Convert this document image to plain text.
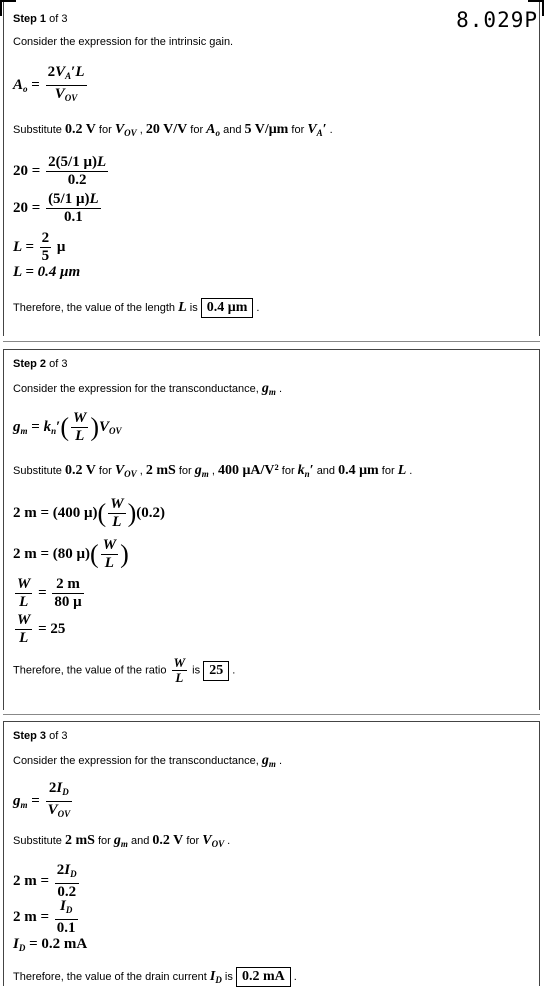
8.029P
Step 1 of 3
Consider the expression for the intrinsic gain.
$A_o = \frac{2V_A'L}{V_{OV}}$
Substitute 0.2 V for $V_{OV}$ , 20 V/V for $A_o$ and 5 V/μm for $V_A'$ .
$20 = \frac{2(5/1 \mu)L}{0.2}$
$20 = \frac{(5/1 \mu)L}{0.1}$
$L = \frac{2}{5}$ μ
L = 0.4 μm
Therefore, the value of the length L is 0.4 μm .
Step 2 of 3
Consider the expression for the transconductance, $g_m$ .
$g_m = k_n'( \frac{W}{L} )V_{OV}$
Substitute 0.2 V for $V_{OV}$ , 2 mS for $g_m$ , 400 μA/V² for $k_n'$ and 0.4 μm for L .
2 m = (400 $\mu)( \frac{W}{L} )(0.2)$
2 m = (80 $\mu)( \frac{W}{L}$ )
$\frac{W}{L} = \frac{2 m}{80 \mu}$
$\frac{W}{L} = 25$
Therefore, the value of the ratio $\frac{W}{L}$ is 25 .
Step 3 of 3
Consider the expression for the transconductance, $g_m$ .
$g_m = \frac{2I_D}{V_{OV}}$
Substitute 2 mS for $g_m$ and 0.2 V for $V_{OV}$ .
2 $m = \frac{2I_D}{0.2}$
2 $m = \frac{I_D}{0.1}$
$I_D = 0.2$ mA
Therefore, the value of the drain current $I_D$ is 0.2 mA .
